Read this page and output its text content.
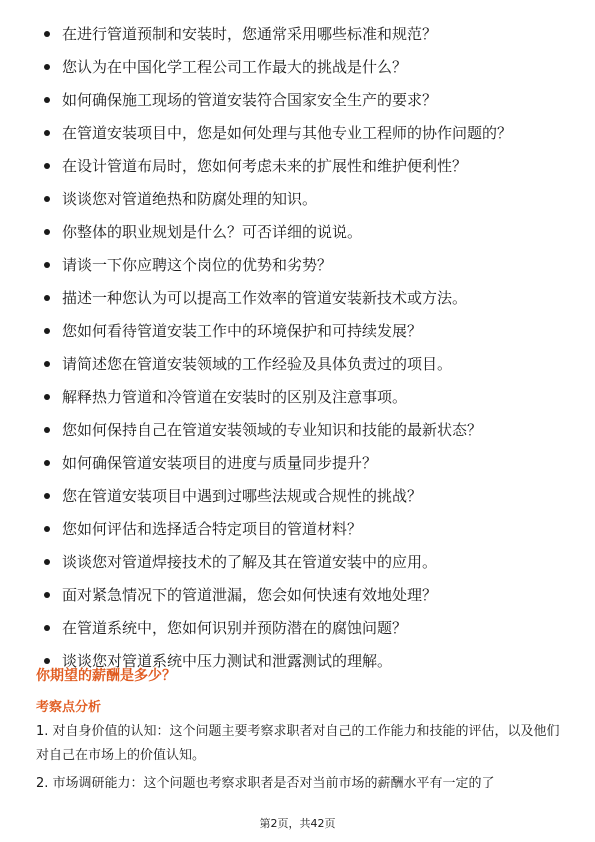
在进行管道预制和安装时，您通常采用哪些标准和规范？
您认为在中国化学工程公司工作最大的挑战是什么？
如何确保施工现场的管道安装符合国家安全生产的要求？
在管道安装项目中，您是如何处理与其他专业工程师的协作问题的？
在设计管道布局时，您如何考虑未来的扩展性和维护便利性？
谈谈您对管道绝热和防腐处理的知识。
你整体的职业规划是什么？可否详细的说说。
请谈一下你应聘这个岗位的优势和劣势？
描述一种您认为可以提高工作效率的管道安装新技术或方法。
您如何看待管道安装工作中的环境保护和可持续发展？
请简述您在管道安装领域的工作经验及具体负责过的项目。
解释热力管道和冷管道在安装时的区别及注意事项。
您如何保持自己在管道安装领域的专业知识和技能的最新状态？
如何确保管道安装项目的进度与质量同步提升？
您在管道安装项目中遇到过哪些法规或合规性的挑战？
您如何评估和选择适合特定项目的管道材料？
谈谈您对管道焊接技术的了解及其在管道安装中的应用。
面对紧急情况下的管道泄漏，您会如何快速有效地处理？
在管道系统中，您如何识别并预防潜在的腐蚀问题？
谈谈您对管道系统中压力测试和泄露测试的理解。
你期望的薪酬是多少？
考察点分析

1. 对自身价值的认知：这个问题主要考察求职者对自己的工作能力和技能的评估，以及他们对自己在市场上的价值认知。

2. 市场调研能力：这个问题也考察求职者是否对当前市场的薪酬水平有一定的了

第2页，共42页
